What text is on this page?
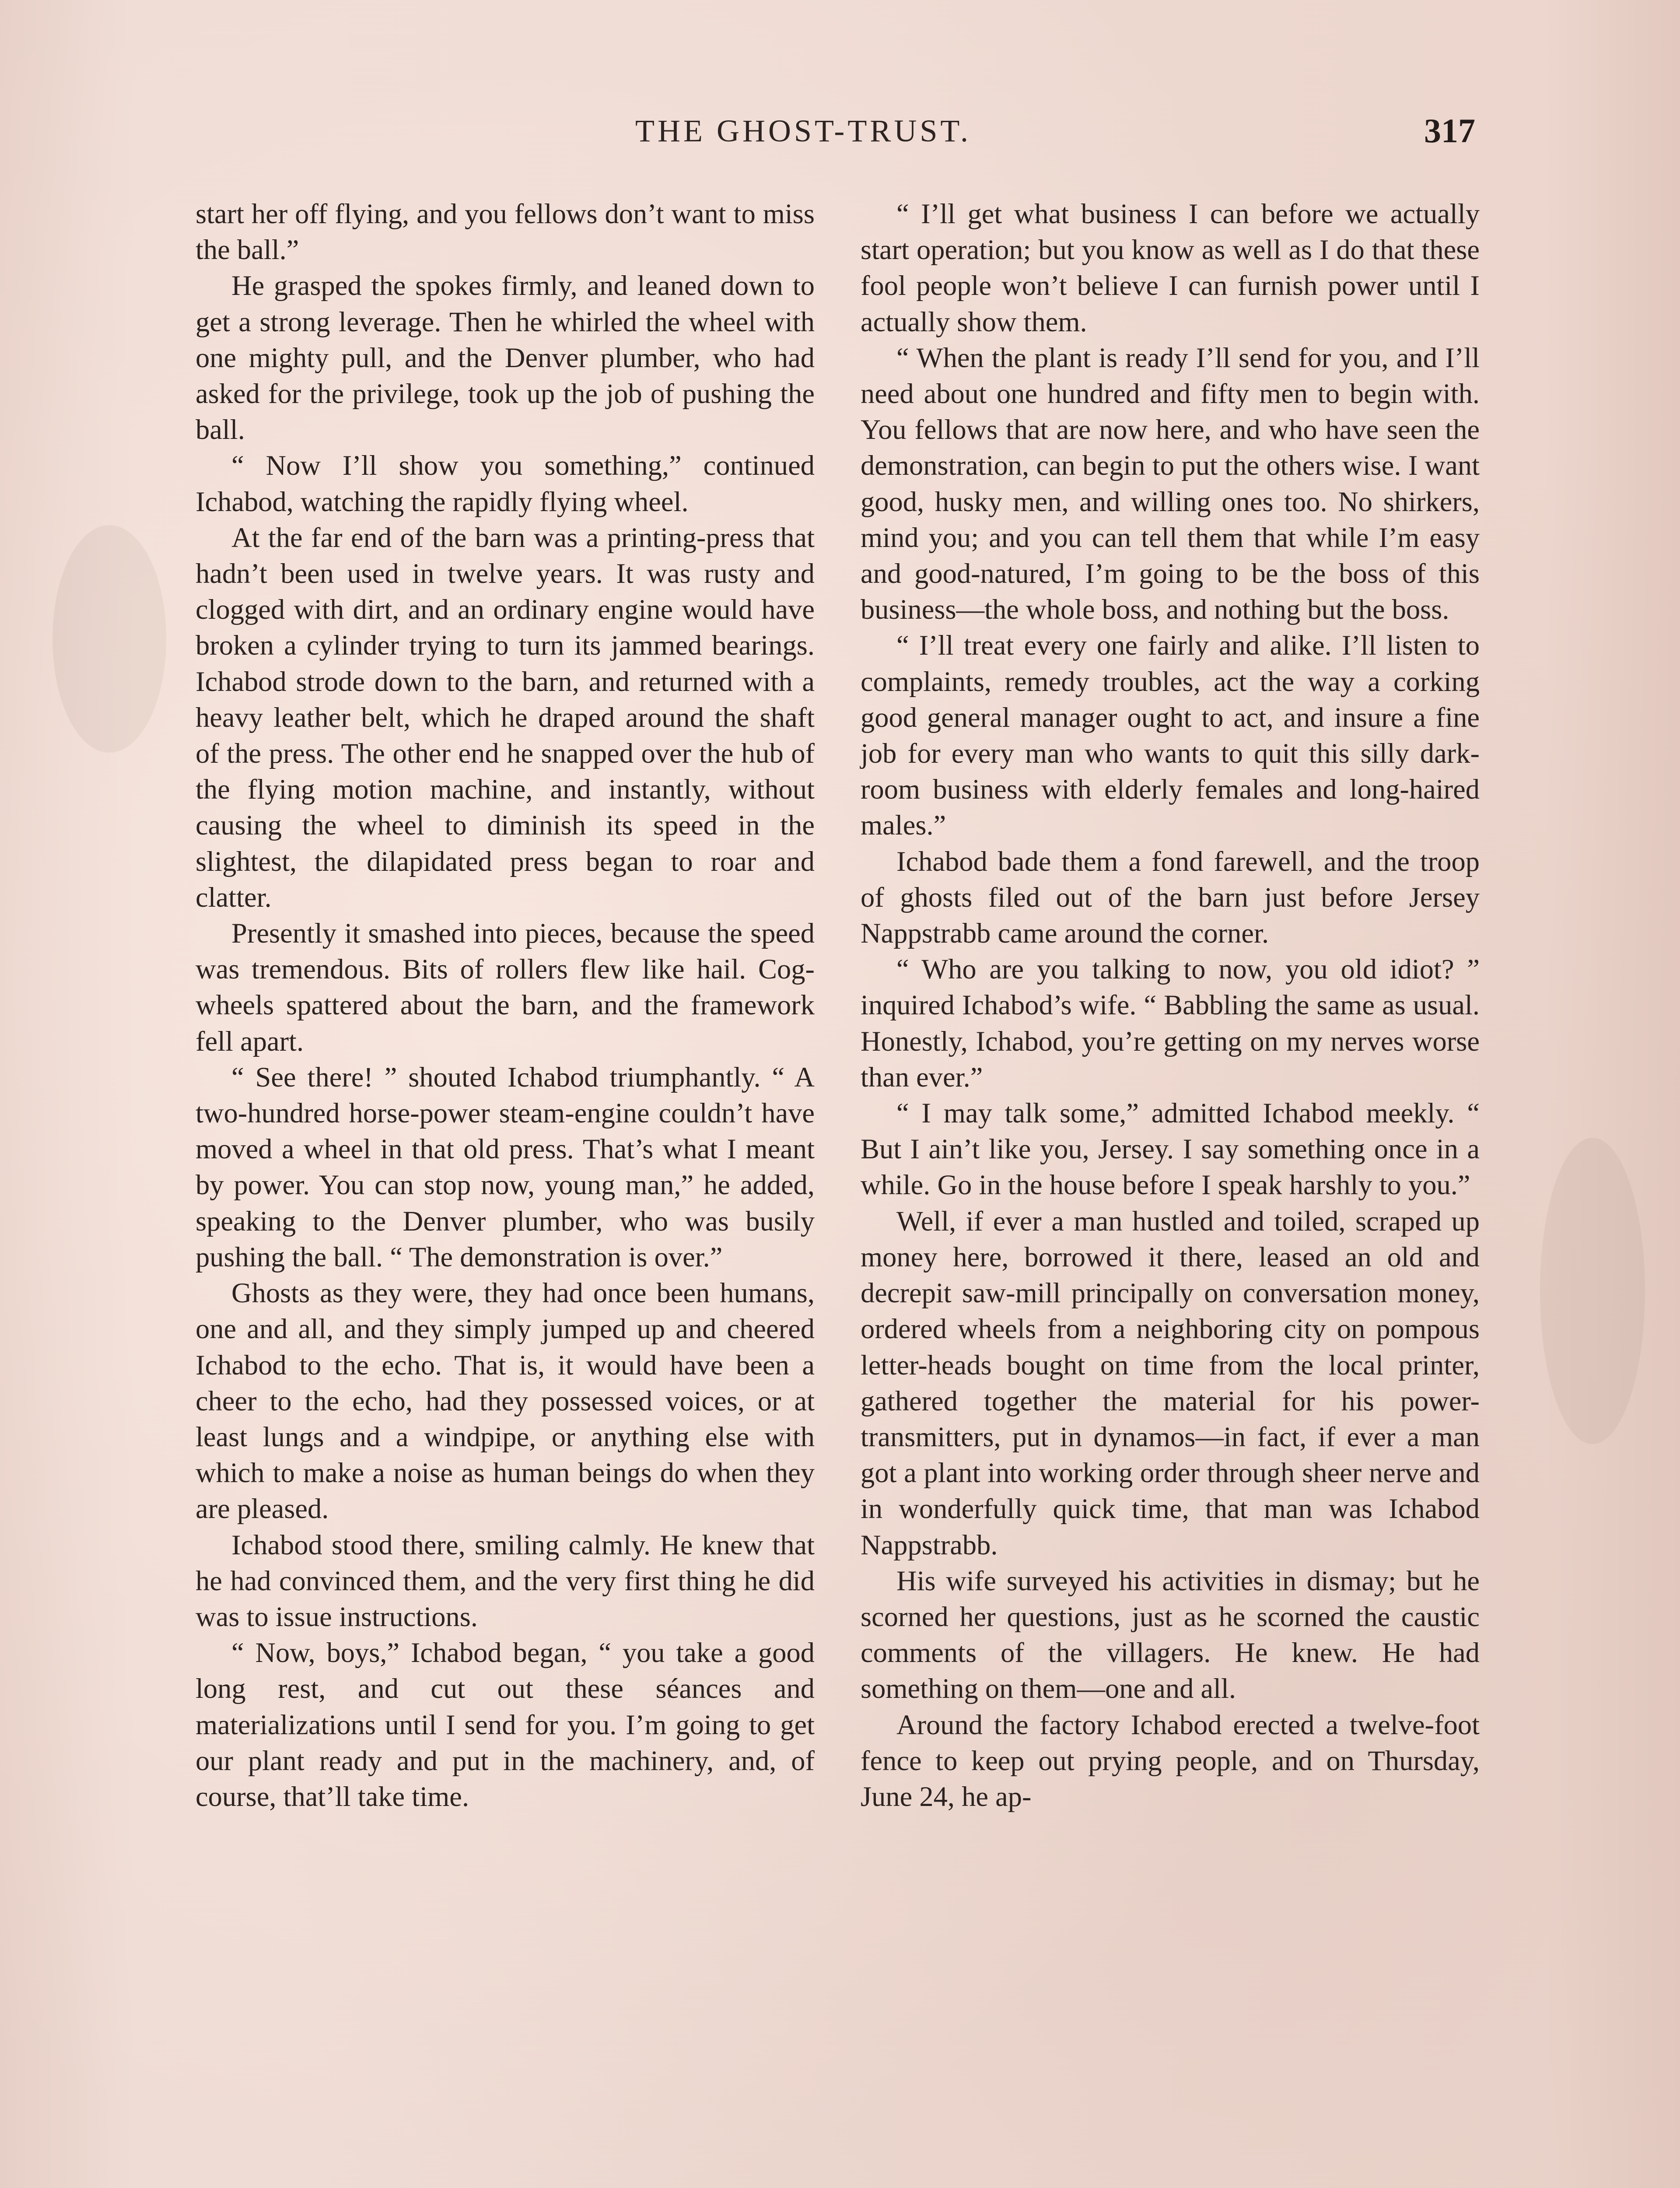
THE GHOST-TRUST.	317

start her off flying, and you fellows don’t want to miss the ball.”

He grasped the spokes firmly, and leaned down to get a strong leverage. Then he whirled the wheel with one mighty pull, and the Denver plumber, who had asked for the privilege, took up the job of pushing the ball.

“ Now I’ll show you something,” continued Ichabod, watching the rapidly flying wheel.

At the far end of the barn was a printing-press that hadn’t been used in twelve years. It was rusty and clogged with dirt, and an ordinary engine would have broken a cylinder trying to turn its jammed bearings. Ichabod strode down to the barn, and returned with a heavy leather belt, which he draped around the shaft of the press. The other end he snapped over the hub of the flying motion machine, and instantly, without causing the wheel to diminish its speed in the slightest, the dilapidated press began to roar and clatter.

Presently it smashed into pieces, because the speed was tremendous. Bits of rollers flew like hail. Cog-wheels spattered about the barn, and the framework fell apart.

“ See there! ” shouted Ichabod triumphantly. “ A two-hundred horse-power steam-engine couldn’t have moved a wheel in that old press. That’s what I meant by power. You can stop now, young man,” he added, speaking to the Denver plumber, who was busily pushing the ball. “ The demonstration is over.”

Ghosts as they were, they had once been humans, one and all, and they simply jumped up and cheered Ichabod to the echo. That is, it would have been a cheer to the echo, had they possessed voices, or at least lungs and a windpipe, or anything else with which to make a noise as human beings do when they are pleased.

Ichabod stood there, smiling calmly. He knew that he had convinced them, and the very first thing he did was to issue instructions.

“ Now, boys,” Ichabod began, “ you take a good long rest, and cut out these séances and materializations until I send for you. I’m going to get our plant ready and put in the machinery, and, of course, that’ll take time.

“ I’ll get what business I can before we actually start operation; but you know as well as I do that these fool people won’t believe I can furnish power until I actually show them.

“ When the plant is ready I’ll send for you, and I’ll need about one hundred and fifty men to begin with. You fellows that are now here, and who have seen the demonstration, can begin to put the others wise. I want good, husky men, and willing ones too. No shirkers, mind you; and you can tell them that while I’m easy and good-natured, I’m going to be the boss of this business—the whole boss, and nothing but the boss.

“ I’ll treat every one fairly and alike. I’ll listen to complaints, remedy troubles, act the way a corking good general manager ought to act, and insure a fine job for every man who wants to quit this silly dark-room business with elderly females and long-haired males.”

Ichabod bade them a fond farewell, and the troop of ghosts filed out of the barn just before Jersey Nappstrabb came around the corner.

“ Who are you talking to now, you old idiot? ” inquired Ichabod’s wife. “ Babbling the same as usual. Honestly, Ichabod, you’re getting on my nerves worse than ever.”

“ I may talk some,” admitted Ichabod meekly. “ But I ain’t like you, Jersey. I say something once in a while. Go in the house before I speak harshly to you.”

Well, if ever a man hustled and toiled, scraped up money here, borrowed it there, leased an old and decrepit saw-mill principally on conversation money, ordered wheels from a neighboring city on pompous letter-heads bought on time from the local printer, gathered together the material for his power-transmitters, put in dynamos—in fact, if ever a man got a plant into working order through sheer nerve and in wonderfully quick time, that man was Ichabod Nappstrabb.

His wife surveyed his activities in dismay; but he scorned her questions, just as he scorned the caustic comments of the villagers. He knew. He had something on them—one and all.

Around the factory Ichabod erected a twelve-foot fence to keep out prying people, and on Thursday, June 24, he ap-
